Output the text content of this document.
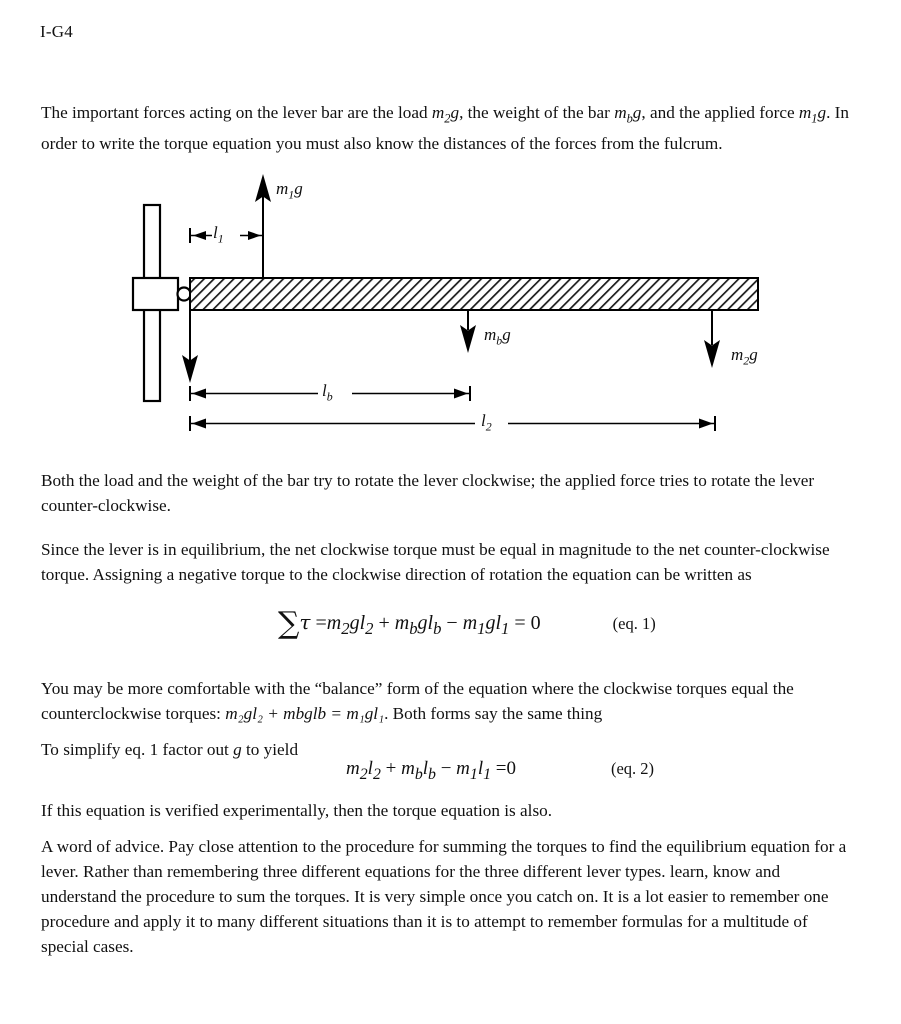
I-G4
The important forces acting on the lever bar are the load $m_2g$, the weight of the bar $m_bg$, and the applied force $m_1g$. In order to write the torque equation you must also know the distances of the forces from the fulcrum.
$m_1g$
$m_bg$
$m_2g$
$l_1$
$l_b$
$l_2$
Both the load and the weight of the bar try to rotate the lever clockwise; the applied force tries to rotate the lever counter-clockwise.
Since the lever is in equilibrium, the net clockwise torque must be equal in magnitude to the net counter-clockwise torque. Assigning a negative torque to the clockwise direction of rotation the equation can be written as
$\sum\tau =m_2gl_2 + m_bgl_b - m_1gl_1 = 0$	(eq. 1)
You may be more comfortable with the “balance” form of the equation where the clockwise torques equal the counterclockwise torques: m₂gl₂ + mbglb = m₁gl₁. Both forms say the same thing
To simplify eq. 1 factor out g to yield
$m_2l_2 + m_bl_b - m_1l_1 =0$	(eq. 2)
If this equation is verified experimentally, then the torque equation is also.
A word of advice. Pay close attention to the procedure for summing the torques to find the equilibrium equation for a lever. Rather than remembering three different equations for the three different lever types. learn, know and understand the procedure to sum the torques. It is very simple once you catch on. It is a lot easier to remember one procedure and apply it to many different situations than it is to attempt to remember formulas for a multitude of special cases.
